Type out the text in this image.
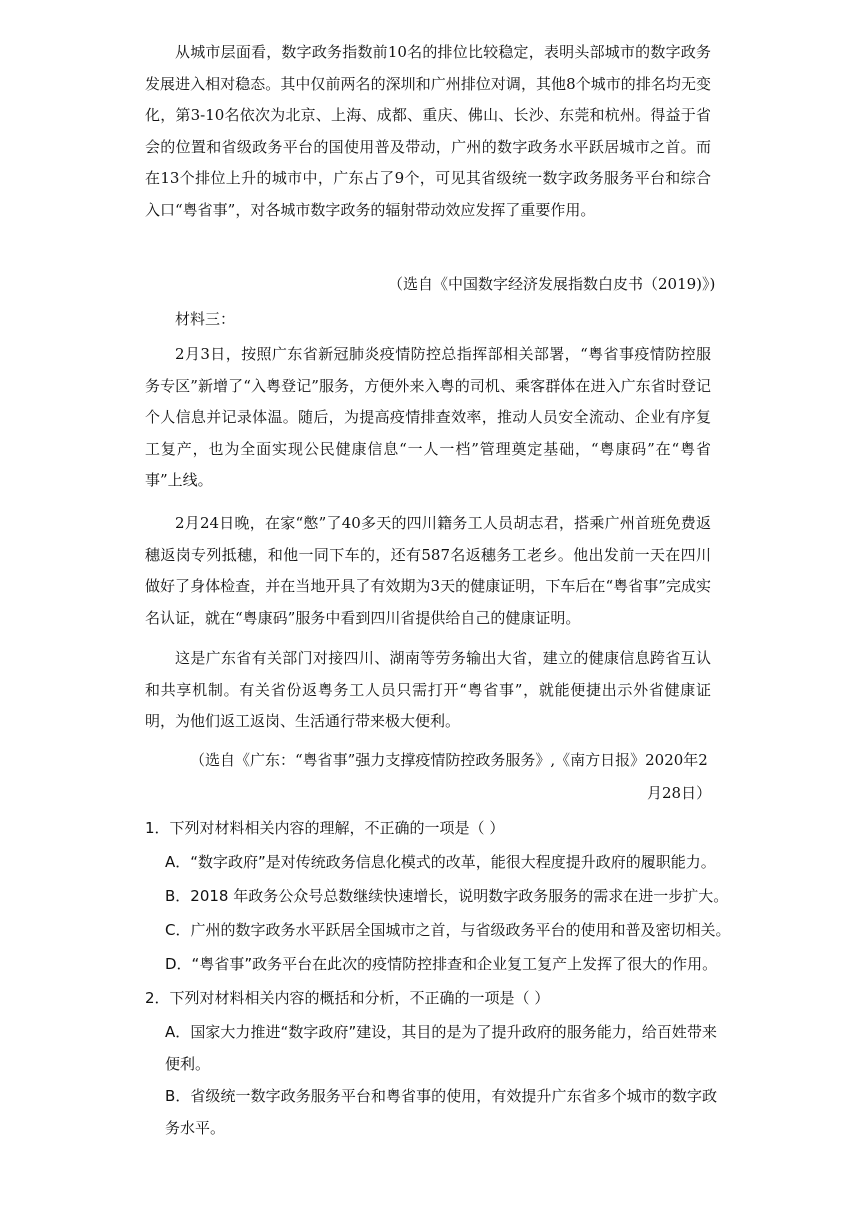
从城市层面看，数字政务指数前10名的排位比较稳定，表明头部城市的数字政务发展进入相对稳态。其中仅前两名的深圳和广州排位对调，其他8个城市的排名均无变化，第3-10名依次为北京、上海、成都、重庆、佛山、长沙、东莞和杭州。得益于省会的位置和省级政务平台的国使用普及带动，广州的数字政务水平跃居城市之首。而在13个排位上升的城市中，广东占了9个，可见其省级统一数字政务服务平台和综合入口“粤省事”，对各城市数字政务的辐射带动效应发挥了重要作用。

（选自《中国数字经济发展指数白皮书（2019)》)

材料三：

2月3日，按照广东省新冠肺炎疫情防控总指挥部相关部署，“粤省事疫情防控服务专区”新增了“入粤登记”服务，方便外来入粤的司机、乘客群体在进入广东省时登记个人信息并记录体温。随后，为提高疫情排查效率，推动人员安全流动、企业有序复工复产，也为全面实现公民健康信息“一人一档”管理奠定基础，“粤康码”在“粤省事”上线。

2月24日晚，在家“憋”了40多天的四川籍务工人员胡志君，搭乘广州首班免费返穗返岗专列抵穗，和他一同下车的，还有587名返穗务工老乡。他出发前一天在四川做好了身体检查，并在当地开具了有效期为3天的健康证明，下车后在“粤省事”完成实名认证，就在“粤康码”服务中看到四川省提供给自己的健康证明。

这是广东省有关部门对接四川、湖南等劳务输出大省，建立的健康信息跨省互认和共享机制。有关省份返粤务工人员只需打开“粤省事”，就能便捷出示外省健康证明，为他们返工返岗、生活通行带来极大便利。

（选自《广东：“粤省事”强力支撑疫情防控政务服务》,《南方日报》2020年2

月28日）

1．下列对材料相关内容的理解，不正确的一项是（ ）

A．“数字政府”是对传统政务信息化模式的改革，能很大程度提升政府的履职能力。

B．2018 年政务公众号总数继续快速增长，说明数字政务服务的需求在进一步扩大。

C．广州的数字政务水平跃居全国城市之首，与省级政务平台的使用和普及密切相关。

D．“粤省事”政务平台在此次的疫情防控排查和企业复工复产上发挥了很大的作用。

2．下列对材料相关内容的概括和分析，不正确的一项是（ ）

A．国家大力推进“数字政府”建设，其目的是为了提升政府的服务能力，给百姓带来便利。

B．省级统一数字政务服务平台和粤省事的使用，有效提升广东省多个城市的数字政务水平。
